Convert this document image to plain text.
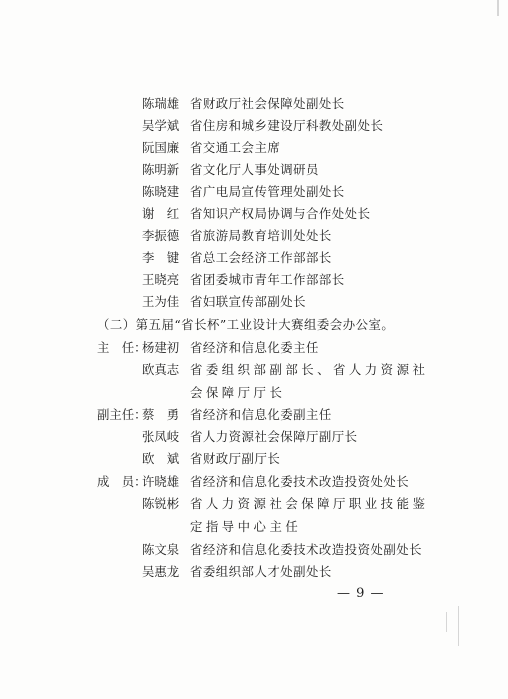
陈瑞雄 省财政厅社会保障处副处长
吴学斌 省住房和城乡建设厅科教处副处长
阮国廉 省交通工会主席
陈明新 省文化厅人事处调研员
陈晓建 省广电局宣传管理处副处长
谢　红 省知识产权局协调与合作处处长
李振德 省旅游局教育培训处处长
李　键 省总工会经济工作部部长
王晓亮 省团委城市青年工作部部长
王为佳 省妇联宣传部副处长
（二）第五届“省长杯”工业设计大赛组委会办公室。
主　任：
杨建初 省经济和信息化委主任
欧真志 省委组织部副部长、省人力资源社会保障厅厅长
副主任：
蔡　勇 省经济和信息化委副主任
张凤岐 省人力资源社会保障厅副厅长
欧　斌 省财政厅副厅长
成　员：
许晓雄 省经济和信息化委技术改造投资处处长
陈锐彬 省人力资源社会保障厅职业技能鉴定指导中心主任
陈文泉 省经济和信息化委技术改造投资处副处长
吴惠龙 省委组织部人才处副处长
— 9 —
